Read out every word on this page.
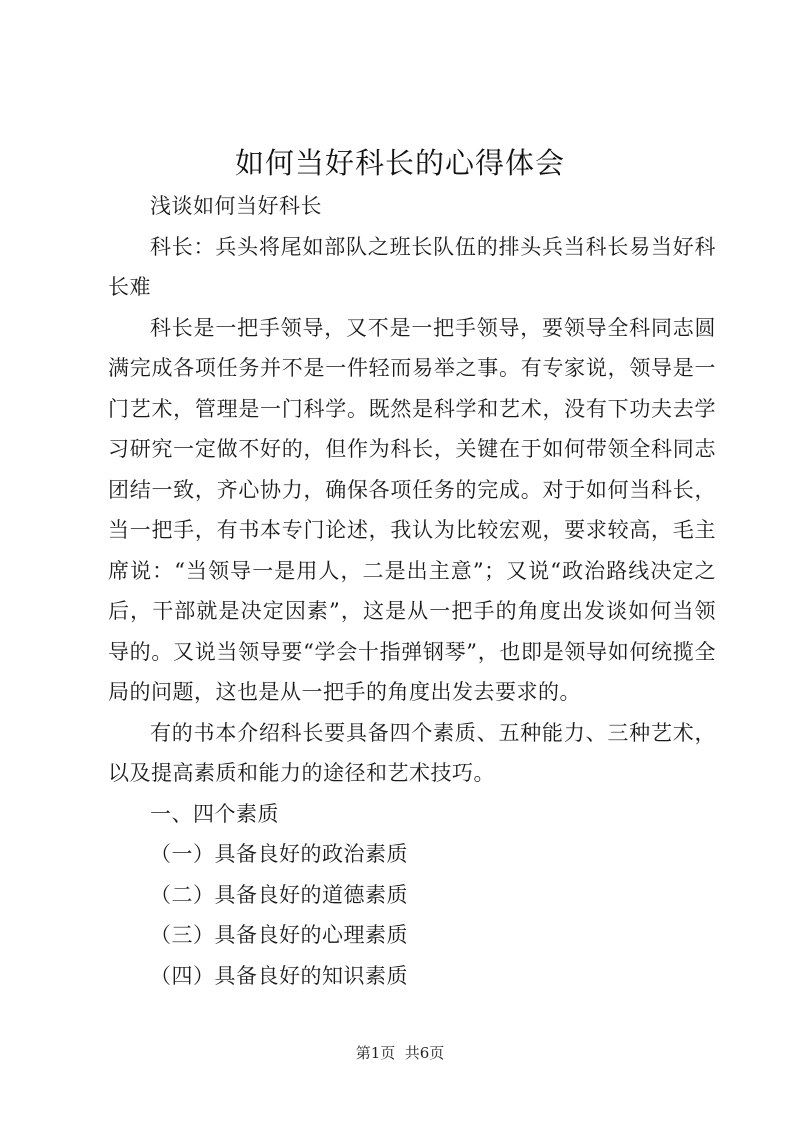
如何当好科长的心得体会

浅谈如何当好科长

科长：兵头将尾如部队之班长队伍的排头兵当科长易当好科长难

科长是一把手领导，又不是一把手领导，要领导全科同志圆满完成各项任务并不是一件轻而易举之事。有专家说，领导是一门艺术，管理是一门科学。既然是科学和艺术，没有下功夫去学习研究一定做不好的，但作为科长，关键在于如何带领全科同志团结一致，齐心协力，确保各项任务的完成。对于如何当科长，当一把手，有书本专门论述，我认为比较宏观，要求较高，毛主席说：“当领导一是用人，二是出主意”；又说“政治路线决定之后，干部就是决定因素”，这是从一把手的角度出发谈如何当领导的。又说当领导要“学会十指弹钢琴”，也即是领导如何统揽全局的问题，这也是从一把手的角度出发去要求的。

有的书本介绍科长要具备四个素质、五种能力、三种艺术，以及提高素质和能力的途径和艺术技巧。

一、四个素质

（一）具备良好的政治素质

（二）具备良好的道德素质

（三）具备良好的心理素质

（四）具备良好的知识素质

第1页  共6页
